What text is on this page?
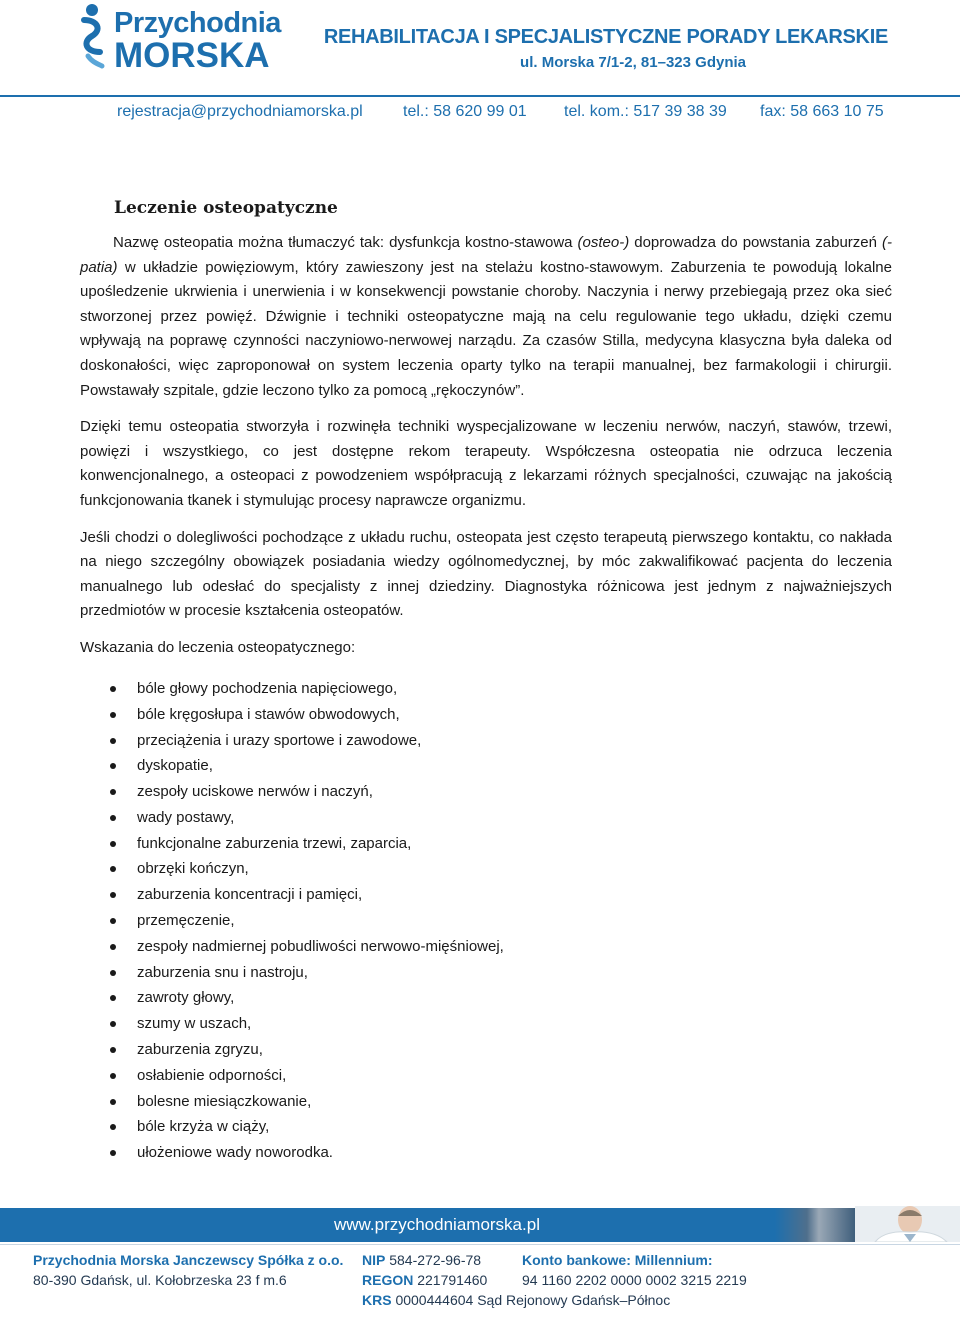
Przychodnia
MORSKA	REHABILITACJA I SPECJALISTYCZNE PORADY LEKARSKIE
ul. Morska 7/1-2, 81–323 Gdynia
rejestracja@przychodniamorska.pl	tel.: 58 620 99 01 tel. kom.: 517 39 38 39 fax: 58 663 10 75
Leczenie osteopatyczne

Nazwę osteopatia można tłumaczyć tak: dysfunkcja kostno-stawowa (osteo-) doprowadza do powstania zaburzeń (-patia) w układzie powięziowym, który zawieszony jest na stelażu kostno-stawowym. Zaburzenia te powodują lokalne upośledzenie ukrwienia i unerwienia i w konsekwencji powstanie choroby. Naczynia i nerwy przebiegają przez oka sieć stworzonej przez powięź. Dźwignie i techniki osteopatyczne mają na celu regulowanie tego układu, dzięki czemu wpływają na poprawę czynności naczyniowo-nerwowej narządu. Za czasów Stilla, medycyna klasyczna była daleka od doskonałości, więc zaproponował on system leczenia oparty tylko na terapii manualnej, bez farmakologii i chirurgii. Powstawały szpitale, gdzie leczono tylko za pomocą „rękoczynów”.

Dzięki temu osteopatia stworzyła i rozwinęła techniki wyspecjalizowane w leczeniu nerwów, naczyń, stawów, trzewi, powięzi i wszystkiego, co jest dostępne rekom terapeuty. Współczesna osteopatia nie odrzuca leczenia konwencjonalnego, a osteopaci z powodzeniem współpracują z lekarzami różnych specjalności, czuwając na jakością funkcjonowania tkanek i stymulując procesy naprawcze organizmu.

Jeśli chodzi o dolegliwości pochodzące z układu ruchu, osteopata jest często terapeutą pierwszego kontaktu, co nakłada na niego szczególny obowiązek posiadania wiedzy ogólnomedycznej, by móc zakwalifikować pacjenta do leczenia manualnego lub odesłać do specjalisty z innej dziedziny. Diagnostyka różnicowa jest jednym z najważniejszych przedmiotów w procesie kształcenia osteopatów.

Wskazania do leczenia osteopatycznego:
bóle głowy pochodzenia napięciowego,
bóle kręgosłupa i stawów obwodowych,
przeciążenia i urazy sportowe i zawodowe,
dyskopatie,
zespoły uciskowe nerwów i naczyń,
wady postawy,
funkcjonalne zaburzenia trzewi, zaparcia,
obrzęki kończyn,
zaburzenia koncentracji i pamięci,
przemęczenie,
zespoły nadmiernej pobudliwości nerwowo-mięśniowej,
zaburzenia snu i nastroju,
zawroty głowy,
szumy w uszach,
zaburzenia zgryzu,
osłabienie odporności,
bolesne miesiączkowanie,
bóle krzyża w ciąży,
ułożeniowe wady noworodka.
www.przychodniamorska.pl
Przychodnia Morska Janczewscy Spółka z o.o.
80-390 Gdańsk, ul. Kołobrzeska 23 f m.6
NIP 584-272-96-78
REGON 221791460
KRS 0000444604 Sąd Rejonowy Gdańsk–Północ
Konto bankowe: Millennium:
94 1160 2202 0000 0002 3215 2219
